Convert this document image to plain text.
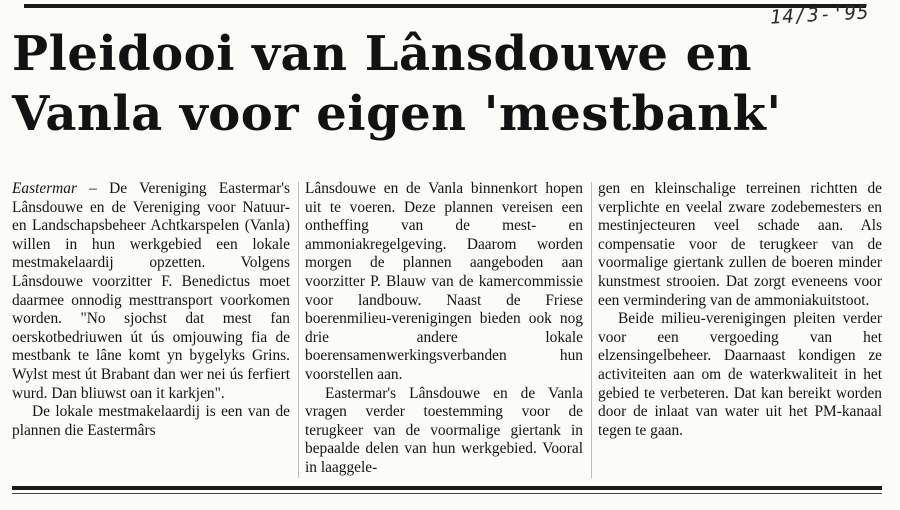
14/3-'95
Pleidooi van Lânsdouwe en
Vanla voor eigen 'mestbank'

Eastermar – De Vereniging Eastermar's Lânsdouwe en de Vereniging voor Natuur- en Landschapsbeheer Achtkarspelen (Vanla) willen in hun werkgebied een lokale mestmakelaardij opzetten. Volgens Lânsdouwe voorzitter F. Benedictus moet daarmee onnodig mesttransport voorkomen worden. "No sjochst dat mest fan oerskotbedriuwen út ús omjouwing fia de mestbank te lâne komt yn bygelyks Grins. Wylst mest út Brabant dan wer nei ús ferfiert wurd. Dan bliuwst oan it karkjen".

De lokale mestmakelaardij is een van de plannen die Eastermârs

Lânsdouwe en de Vanla binnenkort hopen uit te voeren. Deze plannen vereisen een ontheffing van de mest- en ammoniakregelgeving. Daarom worden morgen de plannen aangeboden aan voorzitter P. Blauw van de kamercommissie voor landbouw. Naast de Friese boerenmilieu-verenigingen bieden ook nog drie andere lokale boerensamenwerkingsverbanden hun voorstellen aan.

Eastermar's Lânsdouwe en de Vanla vragen verder toestemming voor de terugkeer van de voormalige giertank in bepaalde delen van hun werkgebied. Vooral in laaggele-

gen en kleinschalige terreinen richtten de verplichte en veelal zware zodebemesters en mestinjecteuren veel schade aan. Als compensatie voor de terugkeer van de voormalige giertank zullen de boeren minder kunstmest strooien. Dat zorgt eveneens voor een vermindering van de ammoniakuitstoot.

Beide milieu-verenigingen pleiten verder voor een vergoeding van het elzensingelbeheer. Daarnaast kondigen ze activiteiten aan om de waterkwaliteit in het gebied te verbeteren. Dat kan bereikt worden door de inlaat van water uit het PM-kanaal tegen te gaan.
